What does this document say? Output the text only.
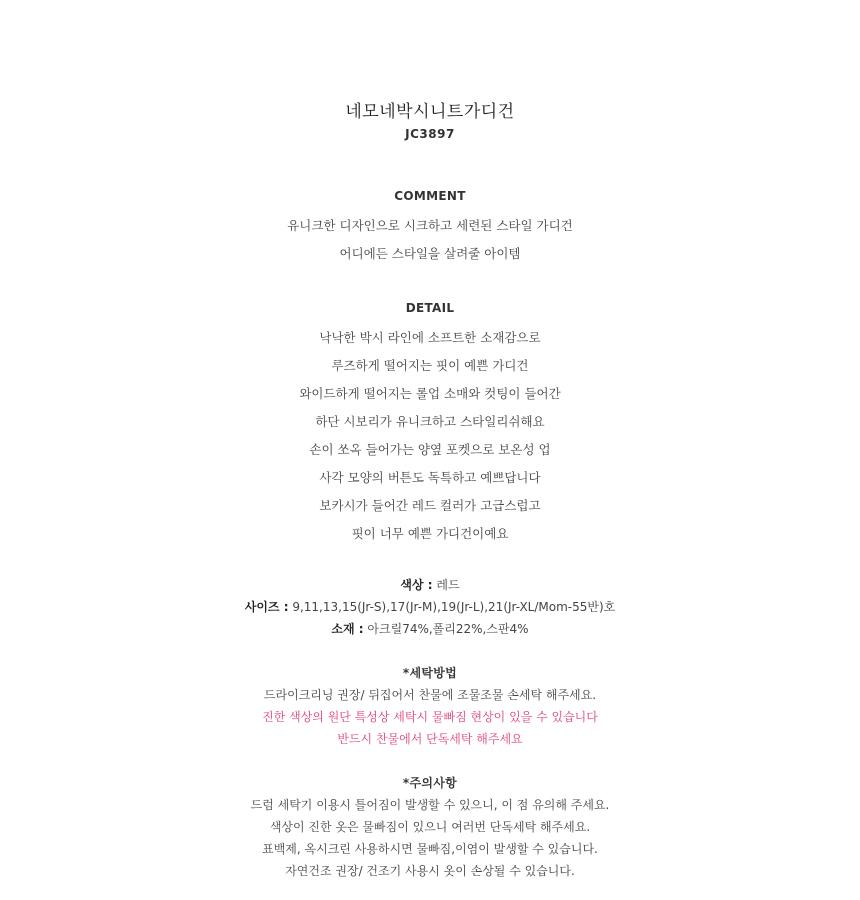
네모네박시니트가디건
JC3897
COMMENT
유니크한 디자인으로 시크하고 세련된 스타일 가디건
어디에든 스타일을 살려줄 아이템
DETAIL
낙낙한 박시 라인에 소프트한 소재감으로
루즈하게 떨어지는 핏이 예쁜 가디건
와이드하게 떨어지는 롤업 소매와 컷팅이 들어간
하단 시보리가 유니크하고 스타일리쉬해요
손이 쏘옥 들어가는 양옆 포켓으로 보온성 업
사각 모양의 버튼도 독특하고 예쁘답니다
보카시가 들어간 레드 컬러가 고급스럽고
핏이 너무 예쁜 가디건이예요
색상 : 레드
사이즈 : 9,11,13,15(Jr-S),17(Jr-M),19(Jr-L),21(Jr-XL/Mom-55반)호
소재 : 아크릴74%,폴리22%,스판4%
*세탁방법
드라이크리닝 권장/ 뒤집어서 찬물에 조물조물 손세탁 해주세요.
진한 색상의 원단 특성상 세탁시 물빠짐 현상이 있을 수 있습니다
반드시 찬물에서 단독세탁 해주세요
*주의사항
드럼 세탁기 이용시 틀어짐이 발생할 수 있으니, 이 점 유의해 주세요.
색상이 진한 옷은 물빠짐이 있으니 여러번 단독세탁 해주세요.
표백제, 옥시크린 사용하시면 물빠짐,이염이 발생할 수 있습니다.
자연건조 권장/ 건조기 사용시 옷이 손상될 수 있습니다.
